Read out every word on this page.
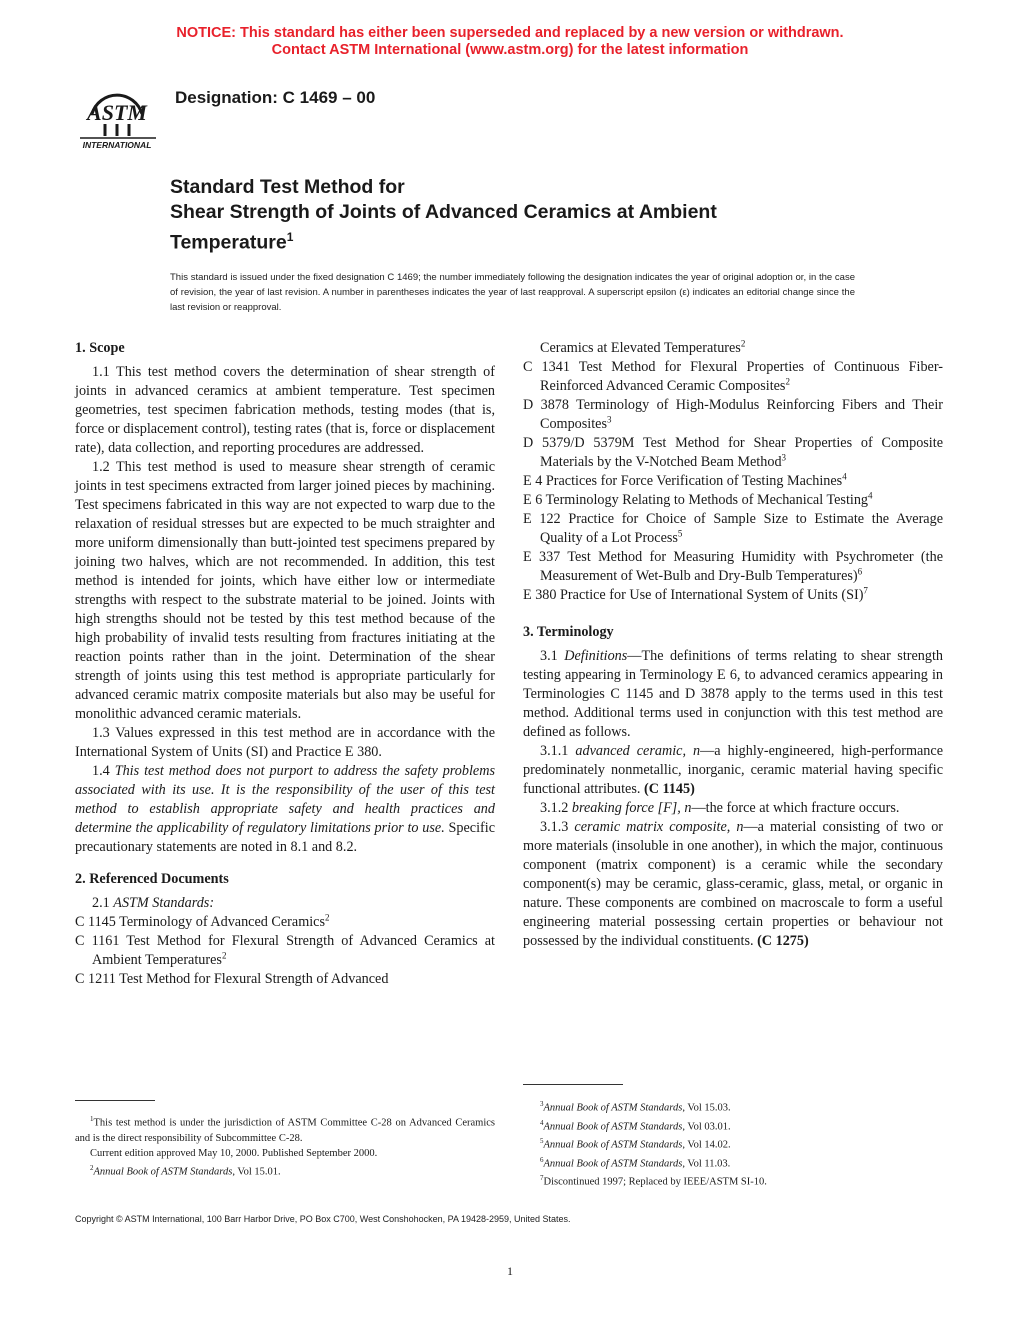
NOTICE: This standard has either been superseded and replaced by a new version or withdrawn.
Contact ASTM International (www.astm.org) for the latest information
ASTM
INTERNATIONAL
Designation: C 1469 – 00
Standard Test Method for
Shear Strength of Joints of Advanced Ceramics at Ambient
Temperature$^1$
This standard is issued under the fixed designation C 1469; the number immediately following the designation indicates the year of original adoption or, in the case of revision, the year of last revision. A number in parentheses indicates the year of last reapproval. A superscript epsilon (ε) indicates an editorial change since the last revision or reapproval.
1. Scope

1.1 This test method covers the determination of shear strength of joints in advanced ceramics at ambient temperature. Test specimen geometries, test specimen fabrication methods, testing modes (that is, force or displacement control), testing rates (that is, force or displacement rate), data collection, and reporting procedures are addressed.

1.2 This test method is used to measure shear strength of ceramic joints in test specimens extracted from larger joined pieces by machining. Test specimens fabricated in this way are not expected to warp due to the relaxation of residual stresses but are expected to be much straighter and more uniform dimensionally than butt-jointed test specimens prepared by joining two halves, which are not recommended. In addition, this test method is intended for joints, which have either low or intermediate strengths with respect to the substrate material to be joined. Joints with high strengths should not be tested by this test method because of the high probability of invalid tests resulting from fractures initiating at the reaction points rather than in the joint. Determination of the shear strength of joints using this test method is appropriate particularly for advanced ceramic matrix composite materials but also may be useful for monolithic advanced ceramic materials.

1.3 Values expressed in this test method are in accordance with the International System of Units (SI) and Practice E 380.

1.4 This test method does not purport to address the safety problems associated with its use. It is the responsibility of the user of this test method to establish appropriate safety and health practices and determine the applicability of regulatory limitations prior to use. Specific precautionary statements are noted in 8.1 and 8.2.

2. Referenced Documents

2.1 ASTM Standards:

C 1145 Terminology of Advanced Ceramics$^2$

C 1161 Test Method for Flexural Strength of Advanced Ceramics at Ambient Temperatures$^2$

C 1211 Test Method for Flexural Strength of Advanced

Ceramics at Elevated Temperatures$^2$

C 1341 Test Method for Flexural Properties of Continuous Fiber-Reinforced Advanced Ceramic Composites$^2$

D 3878 Terminology of High-Modulus Reinforcing Fibers and Their Composites$^3$

D 5379/D 5379M Test Method for Shear Properties of Composite Materials by the V-Notched Beam Method$^3$

E 4 Practices for Force Verification of Testing Machines$^4$

E 6 Terminology Relating to Methods of Mechanical Testing$^4$

E 122 Practice for Choice of Sample Size to Estimate the Average Quality of a Lot Process$^5$

E 337 Test Method for Measuring Humidity with Psychrometer (the Measurement of Wet-Bulb and Dry-Bulb Temperatures)$^6$

E 380 Practice for Use of International System of Units (SI)$^7$

3. Terminology

3.1 Definitions—The definitions of terms relating to shear strength testing appearing in Terminology E 6, to advanced ceramics appearing in Terminologies C 1145 and D 3878 apply to the terms used in this test method. Additional terms used in conjunction with this test method are defined as follows.

3.1.1 advanced ceramic, n—a highly-engineered, high-performance predominately nonmetallic, inorganic, ceramic material having specific functional attributes. (C 1145)

3.1.2 breaking force [F], n—the force at which fracture occurs.

3.1.3 ceramic matrix composite, n—a material consisting of two or more materials (insoluble in one another), in which the major, continuous component (matrix component) is a ceramic while the secondary component(s) may be ceramic, glass-ceramic, glass, metal, or organic in nature. These components are combined on macroscale to form a useful engineering material possessing certain properties or behaviour not possessed by the individual constituents. (C 1275)

$^1$This test method is under the jurisdiction of ASTM Committee C-28 on Advanced Ceramics and is the direct responsibility of Subcommittee C-28.

Current edition approved May 10, 2000. Published September 2000.

$^2$Annual Book of ASTM Standards, Vol 15.01.

$^3$Annual Book of ASTM Standards, Vol 15.03.

$^4$Annual Book of ASTM Standards, Vol 03.01.

$^5$Annual Book of ASTM Standards, Vol 14.02.

$^6$Annual Book of ASTM Standards, Vol 11.03.

$^7$Discontinued 1997; Replaced by IEEE/ASTM SI-10.

Copyright © ASTM International, 100 Barr Harbor Drive, PO Box C700, West Conshohocken, PA 19428-2959, United States.
1
